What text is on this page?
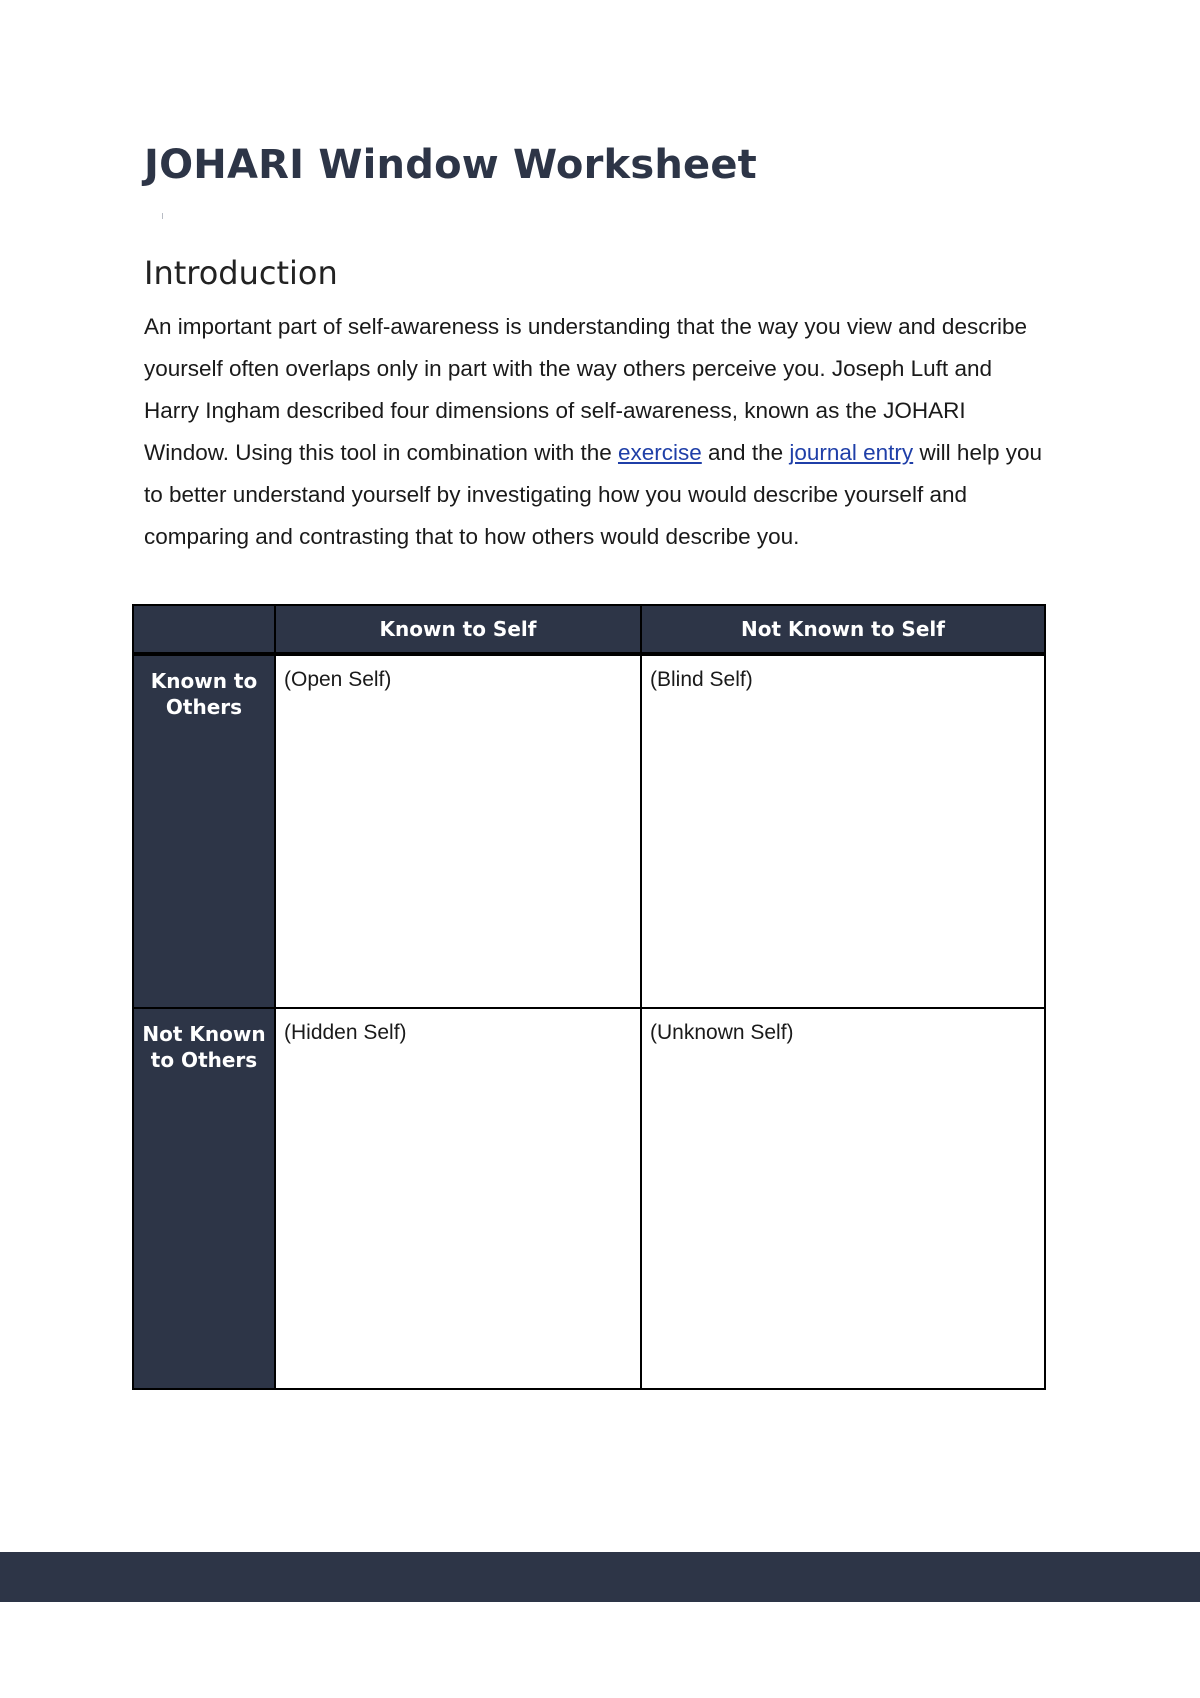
JOHARI Window Worksheet
Introduction

An important part of self-awareness is understanding that the way you view and describe yourself often overlaps only in part with the way others perceive you. Joseph Luft and Harry Ingham described four dimensions of self-awareness, known as the JOHARI Window. Using this tool in combination with the exercise and the journal entry will help you to better understand yourself by investigating how you would describe yourself and comparing and contrasting that to how others would describe you.

	Known to Self	Not Known to Self
Known to Others	(Open Self)	(Blind Self)
Not Known to Others	(Hidden Self)	(Unknown Self)
